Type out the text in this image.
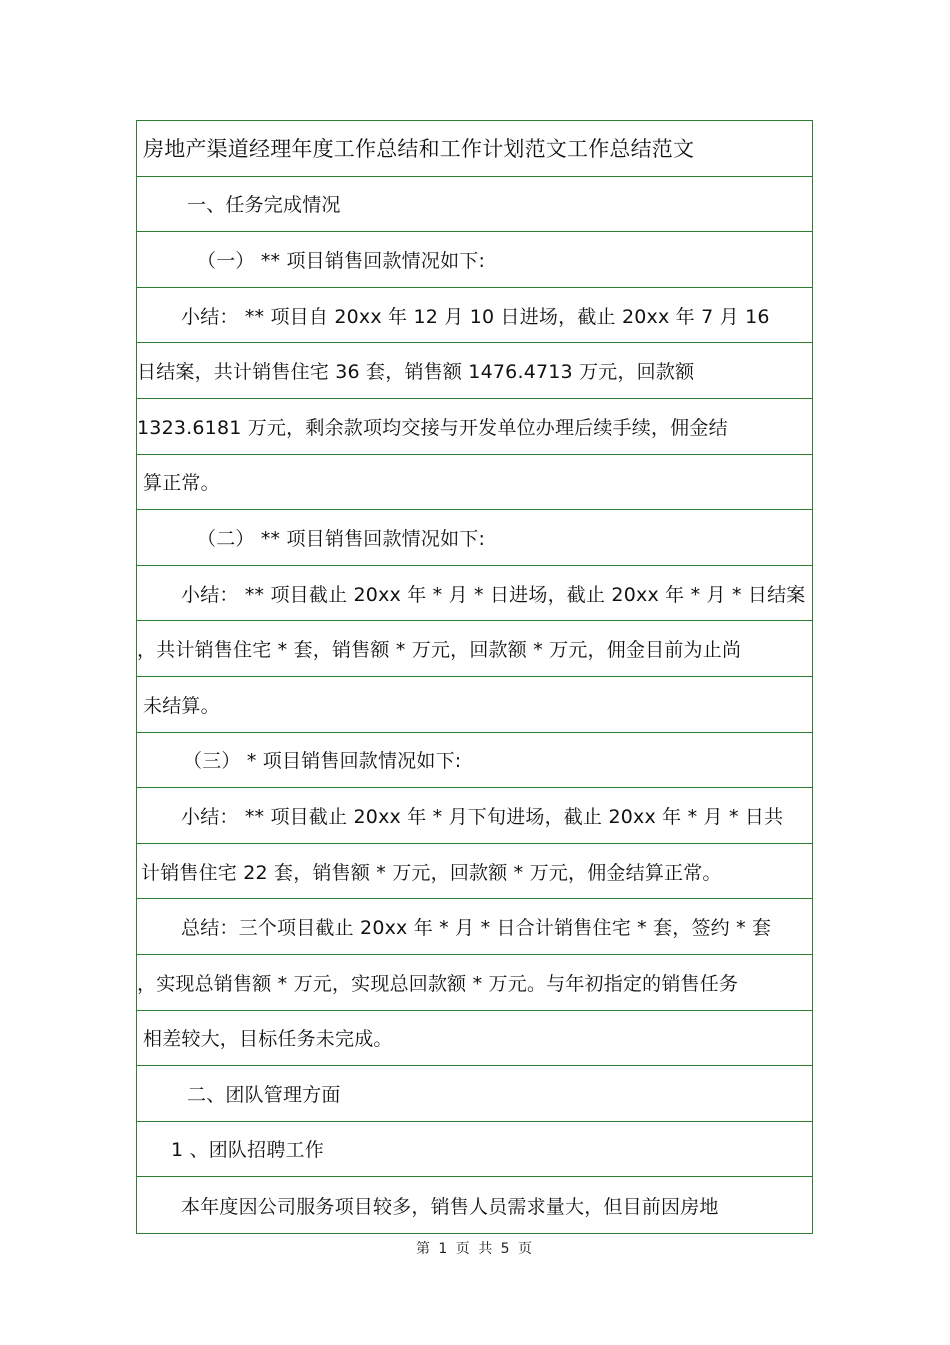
房地产渠道经理年度工作总结和工作计划范文工作总结范文
一、任务完成情况
（一） ** 项目销售回款情况如下:
小结： ** 项目自 20xx 年 12 月 10 日进场，截止 20xx 年 7 月 16
日结案，共计销售住宅 36 套，销售额 1476.4713 万元，回款额
1323.6181 万元，剩余款项均交接与开发单位办理后续手续，佣金结
算正常。
（二） ** 项目销售回款情况如下:
小结： ** 项目截止 20xx 年 * 月 * 日进场，截止 20xx 年 * 月 * 日结案
，共计销售住宅 * 套，销售额 * 万元，回款额 * 万元，佣金目前为止尚
未结算。
（三） * 项目销售回款情况如下:
小结： ** 项目截止 20xx 年 * 月下旬进场，截止 20xx 年 * 月 * 日共
计销售住宅 22 套，销售额 * 万元，回款额 * 万元，佣金结算正常。
总结：三个项目截止 20xx 年 * 月 * 日合计销售住宅 * 套，签约 * 套
，实现总销售额 * 万元，实现总回款额 * 万元。与年初指定的销售任务
相差较大，目标任务未完成。
二、团队管理方面
1 、团队招聘工作
本年度因公司服务项目较多，销售人员需求量大，但目前因房地
第 1 页 共 5 页
